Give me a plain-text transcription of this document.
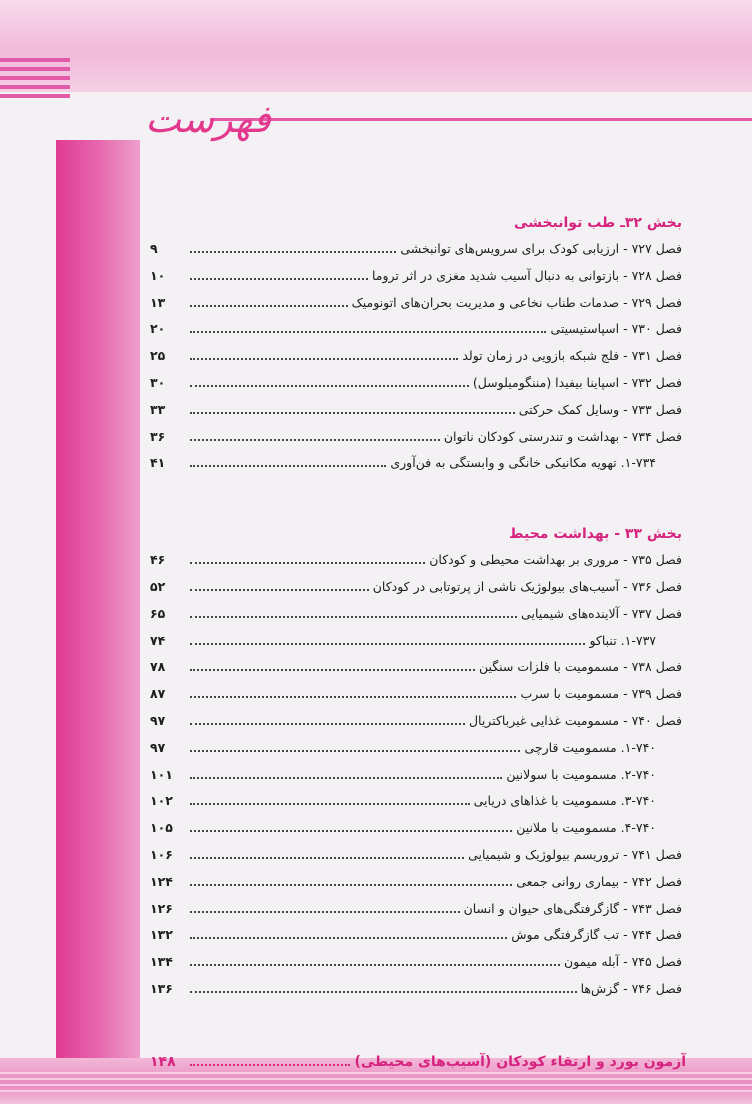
فهرست
بخش ۳۲ـ طب توانبخشی
فصل ۷۲۷ - ارزیابی کودک برای سرویس‌های توانبخشی
۹
فصل ۷۲۸ - بازتوانی به دنبال آسیب شدید مغزی در اثر تروما
۱۰
فصل ۷۲۹ - صدمات طناب نخاعی و مدیریت بحران‌های اتونومیک
۱۳
فصل ۷۳۰ - اسپاستیسیتی
۲۰
فصل ۷۳۱ - فلج شبکه بازویی در زمان تولد
۲۵
فصل ۷۳۲ - اسپاینا بیفیدا (مننگومیلوسل)
۳۰
فصل ۷۳۳ - وسایل کمک حرکتی
۳۳
فصل ۷۳۴ - بهداشت و تندرستی کودکان ناتوان
۳۶
۱-۷۳۴. تهویه مکانیکی خانگی و وابستگی به فن‌آوری
۴۱
بخش ۳۳ - بهداشت محیط
فصل ۷۳۵ - مروری بر بهداشت محیطی و کودکان
۴۶
فصل ۷۳۶ - آسیب‌های بیولوژیک ناشی از پرتوتابی در کودکان
۵۲
فصل ۷۳۷ - آلاینده‌های شیمیایی
۶۵
۱-۷۳۷. تنباکو
۷۴
فصل ۷۳۸ - مسمومیت با فلزات سنگین
۷۸
فصل ۷۳۹ - مسمومیت با سرب
۸۷
فصل ۷۴۰ - مسمومیت غذایی غیرباکتریال
۹۷
۱-۷۴۰. مسمومیت قارچی
۹۷
۲-۷۴۰. مسمومیت با سولانین
۱۰۱
۳-۷۴۰. مسمومیت با غذاهای دریایی
۱۰۲
۴-۷۴۰. مسمومیت با ملانین
۱۰۵
فصل ۷۴۱ - تروریسم بیولوژیک و شیمیایی
۱۰۶
فصل ۷۴۲ - بیماری روانی جمعی
۱۲۴
فصل ۷۴۳ - گازگرفتگی‌های حیوان و انسان
۱۲۶
فصل ۷۴۴ - تب گازگرفتگی موش
۱۳۲
فصل ۷۴۵ - آبله میمون
۱۳۴
فصل ۷۴۶ - گزش‌ها
۱۳۶
آزمون بورد و ارتقاء کودکان (آسیب‌های محیطی)
۱۴۸
